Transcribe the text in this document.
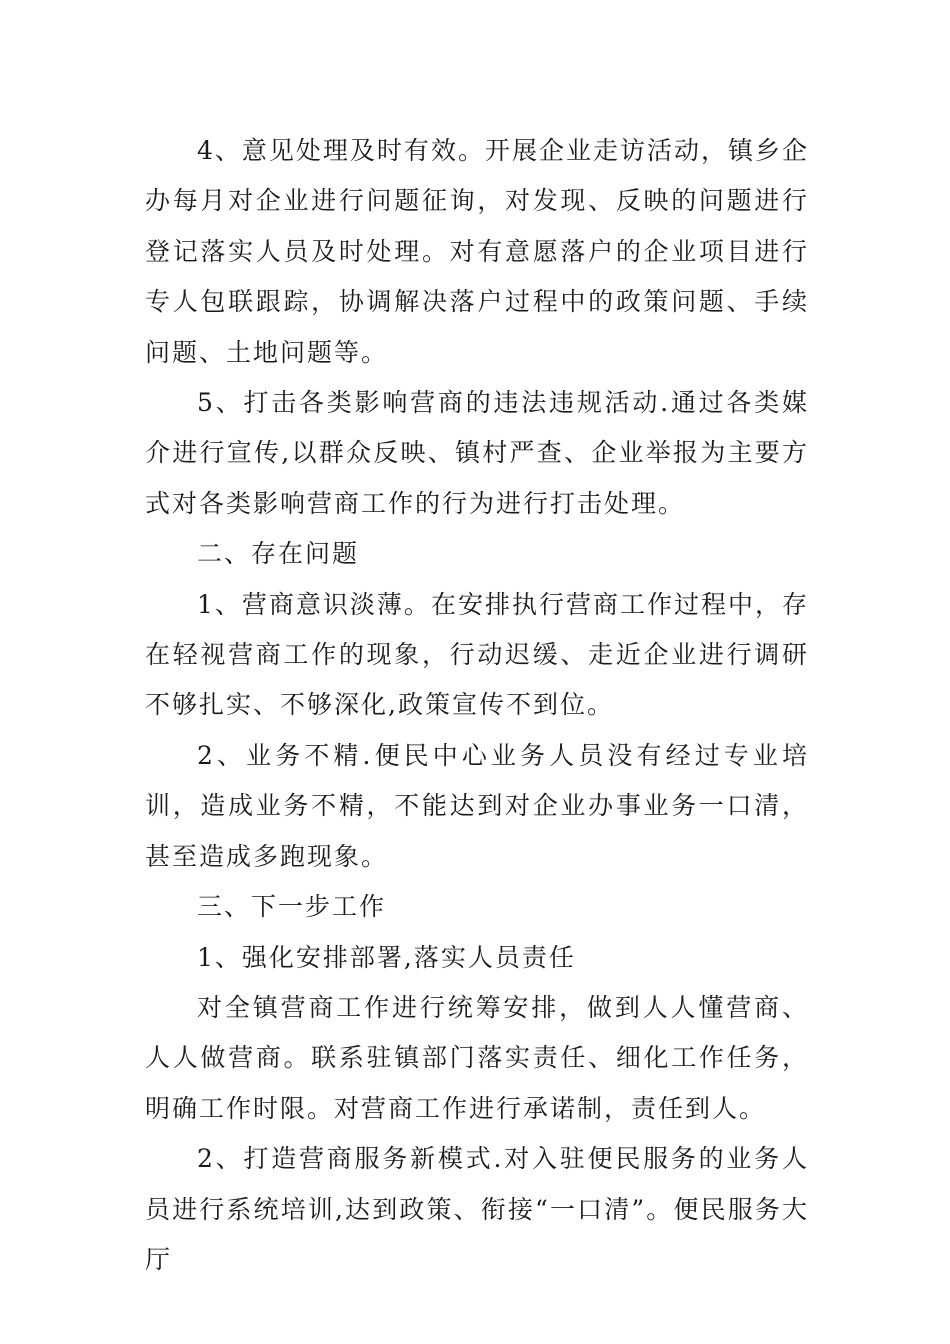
4、意见处理及时有效。开展企业走访活动，镇乡企办每月对企业进行问题征询，对发现、反映的问题进行登记落实人员及时处理。对有意愿落户的企业项目进行专人包联跟踪，协调解决落户过程中的政策问题、手续问题、土地问题等。

5、打击各类影响营商的违法违规活动.通过各类媒介进行宣传,以群众反映、镇村严查、企业举报为主要方式对各类影响营商工作的行为进行打击处理。

二、存在问题

1、营商意识淡薄。在安排执行营商工作过程中，存在轻视营商工作的现象，行动迟缓、走近企业进行调研不够扎实、不够深化,政策宣传不到位。

2、业务不精.便民中心业务人员没有经过专业培训，造成业务不精，不能达到对企业办事业务一口清，甚至造成多跑现象。

三、下一步工作

1、强化安排部署,落实人员责任

对全镇营商工作进行统筹安排，做到人人懂营商、人人做营商。联系驻镇部门落实责任、细化工作任务，明确工作时限。对营商工作进行承诺制，责任到人。

2、打造营商服务新模式.对入驻便民服务的业务人员进行系统培训,达到政策、衔接“一口清”。便民服务大厅
